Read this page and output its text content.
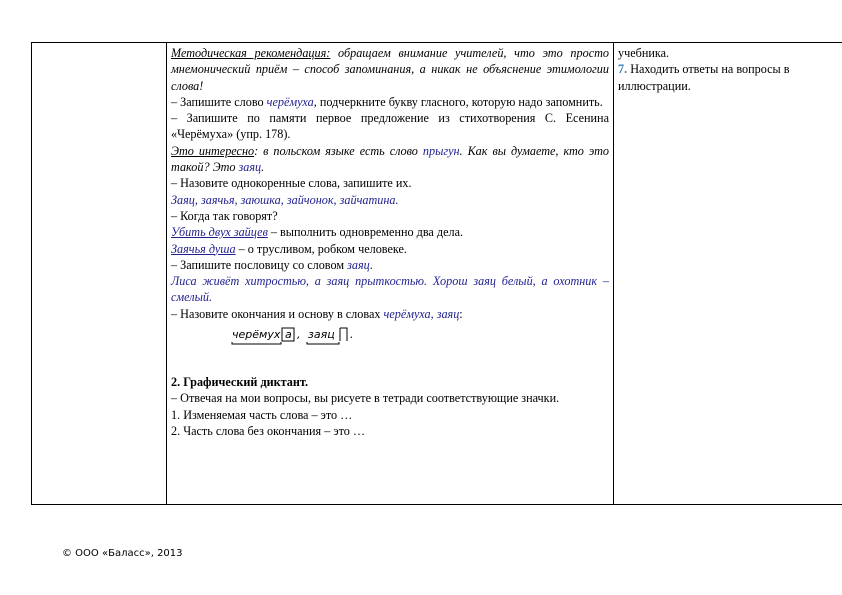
Методическая рекомендация: обращаем внимание учителей, что это просто мнемонический приём – способ запоминания, а никак не объяснение этимологии слова!

– Запишите слово черёмуха, подчеркните букву гласного, которую надо запомнить.

– Запишите по памяти первое предложение из стихотворения С. Есенина «Черёмуха» (упр. 178).

Это интересно: в польском языке есть слово прыгун. Как вы думаете, кто это такой? Это заяц.

– Назовите однокоренные слова, запишите их.

Заяц, заячья, заюшка, зайчонок, зайчатина.

– Когда так говорят?

Убить двух зайцев – выполнить одновременно два дела.

Заячья душа – о трусливом, робком человеке.

– Запишите пословицу со словом заяц.

Лиса живёт хитростью, а заяц прыткостью. Хорош заяц белый, а охотник – смелый.

– Назовите окончания и основу в словах черёмуха, заяц:

черёмух а , заяц .

2. Графический диктант.

– Отвечая на мои вопросы, вы рисуете в тетради соответствующие значки.

1. Изменяемая часть слова – это …

2. Часть слова без окончания – это …

учебника.

7. Находить ответы на вопросы в иллюстрации.

© ООО «Баласс», 2013
